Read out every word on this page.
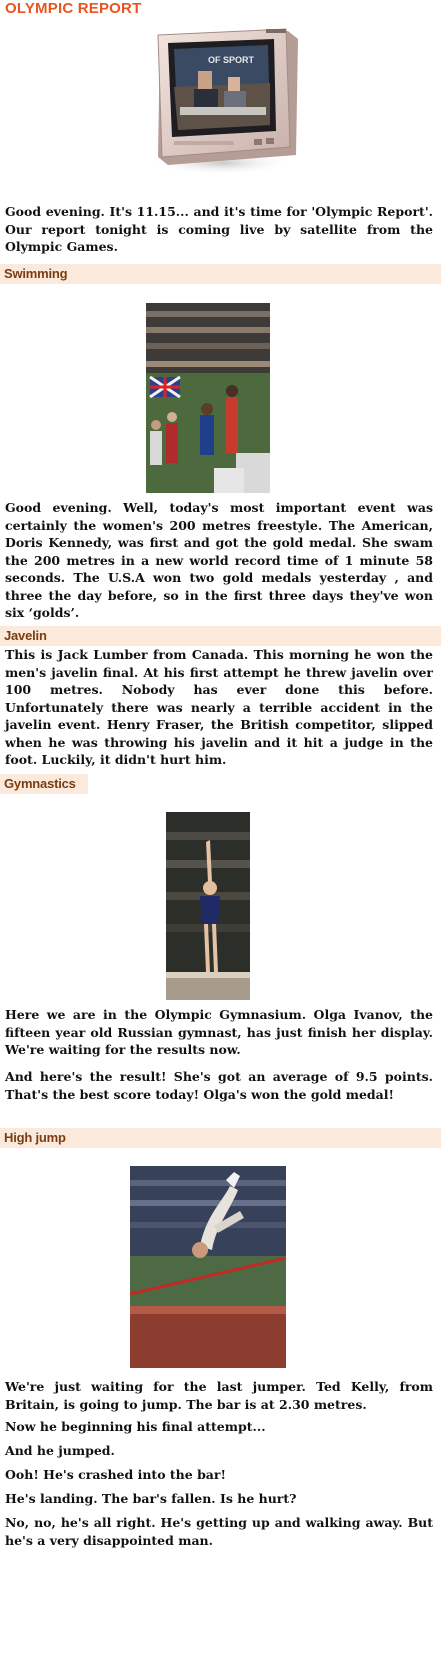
OLYMPIC REPORT
OF SPORT

Good evening. It's 11.15... and it's time for 'Olympic Report'. Our report tonight is coming live by satellite from the Olympic Games.

Swimming

Good evening. Well, today's most important event was certainly the women's 200 metres freestyle. The American, Doris Kennedy, was first and got the gold medal. She swam the 200 metres in a new world record time of 1 minute 58 seconds. The U.S.A won two gold medals yesterday , and three the day before, so in the first three days they've won six ‘golds’.

Javelin

This is Jack Lumber from Canada. This morning he won the men's javelin final. At his first attempt he threw javelin over 100 metres. Nobody has ever done this before. Unfortunately there was nearly a terrible accident in the javelin event. Henry Fraser, the British competitor, slipped when he was throwing his javelin and it hit a judge in the foot. Luckily, it didn't hurt him.

Gymnastics

Here we are in the Olympic Gymnasium. Olga Ivanov, the fifteen year old Russian gymnast, has just finish her display. We're waiting for the results now.

And here's the result! She's got an average of 9.5 points. That's the best score today! Olga's won the gold medal!

High jump

We're just waiting for the last jumper. Ted Kelly, from Britain, is going to jump. The bar is at 2.30 metres.

Now he beginning his final attempt...

And he jumped.

Ooh! He's crashed into the bar!

He's landing. The bar's fallen. Is he hurt?

No, no, he's all right. He's getting up and walking away. But he's a very disappointed man.
